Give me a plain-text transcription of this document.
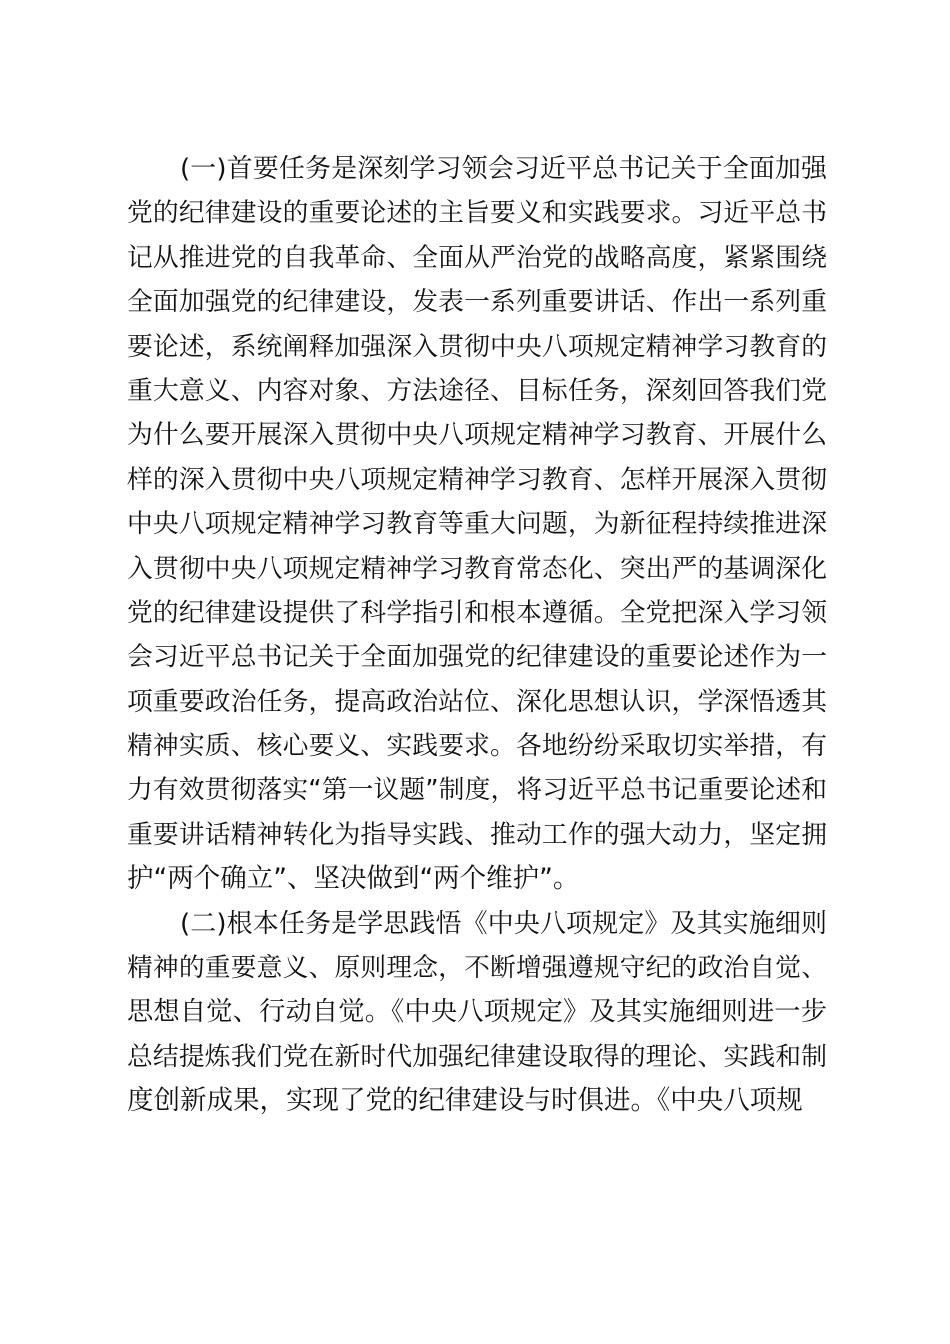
(一)首要任务是深刻学习领会习近平总书记关于全面加强
党的纪律建设的重要论述的主旨要义和实践要求。习近平总书
记从推进党的自我革命、全面从严治党的战略高度，紧紧围绕
全面加强党的纪律建设，发表一系列重要讲话、作出一系列重
要论述，系统阐释加强深入贯彻中央八项规定精神学习教育的
重大意义、内容对象、方法途径、目标任务，深刻回答我们党
为什么要开展深入贯彻中央八项规定精神学习教育、开展什么
样的深入贯彻中央八项规定精神学习教育、怎样开展深入贯彻
中央八项规定精神学习教育等重大问题，为新征程持续推进深
入贯彻中央八项规定精神学习教育常态化、突出严的基调深化
党的纪律建设提供了科学指引和根本遵循。全党把深入学习领
会习近平总书记关于全面加强党的纪律建设的重要论述作为一
项重要政治任务，提高政治站位、深化思想认识，学深悟透其
精神实质、核心要义、实践要求。各地纷纷采取切实举措，有
力有效贯彻落实“第一议题”制度，将习近平总书记重要论述和
重要讲话精神转化为指导实践、推动工作的强大动力，坚定拥
护“两个确立”、坚决做到“两个维护”。
(二)根本任务是学思践悟《中央八项规定》及其实施细则
精神的重要意义、原则理念，不断增强遵规守纪的政治自觉、
思想自觉、行动自觉。《中央八项规定》及其实施细则进一步
总结提炼我们党在新时代加强纪律建设取得的理论、实践和制
度创新成果，实现了党的纪律建设与时俱进。《中央八项规
